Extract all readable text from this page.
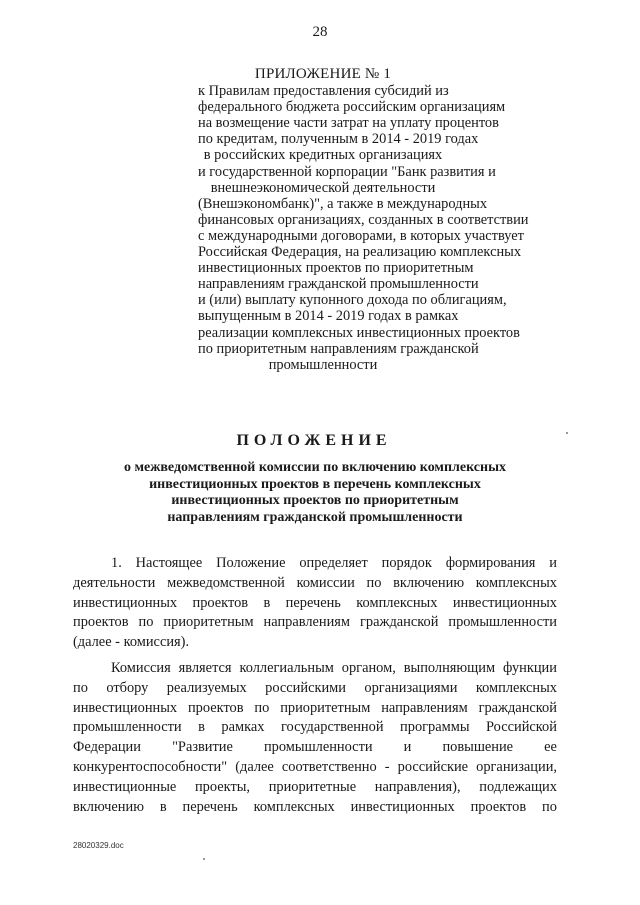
28
ПРИЛОЖЕНИЕ № 1
к Правилам предоставления субсидий из
федерального бюджета российским организациям
на возмещение части затрат на уплату процентов
по кредитам, полученным в 2014 - 2019 годах
в российских кредитных организациях
и государственной корпорации "Банк развития и
внешнеэкономической деятельности
(Внешэкономбанк)", а также в международных
финансовых организациях, созданных в соответствии
с международными договорами, в которых участвует
Российская Федерация, на реализацию комплексных
инвестиционных проектов по приоритетным
направлениям гражданской промышленности
и (или) выплату купонного дохода по облигациям,
выпущенным в 2014 - 2019 годах в рамках
реализации комплексных инвестиционных проектов
по приоритетным направлениям гражданской
промышленности
ПОЛОЖЕНИЕ
о межведомственной комиссии по включению комплексных
инвестиционных проектов в перечень комплексных
инвестиционных проектов по приоритетным
направлениям гражданской промышленности
1. Настоящее Положение определяет порядок формирования и
деятельности межведомственной комиссии по включению комплексных
инвестиционных проектов в перечень комплексных инвестиционных
проектов по приоритетным направлениям гражданской промышленности
(далее - комиссия).
Комиссия является коллегиальным органом, выполняющим функции
по отбору реализуемых российскими организациями комплексных
инвестиционных проектов по приоритетным направлениям гражданской
промышленности в рамках государственной программы Российской
Федерации "Развитие промышленности и повышение ее
конкурентоспособности" (далее соответственно - российские организации,
инвестиционные проекты, приоритетные направления), подлежащих
включению в перечень комплексных инвестиционных проектов по
28020329.doc
